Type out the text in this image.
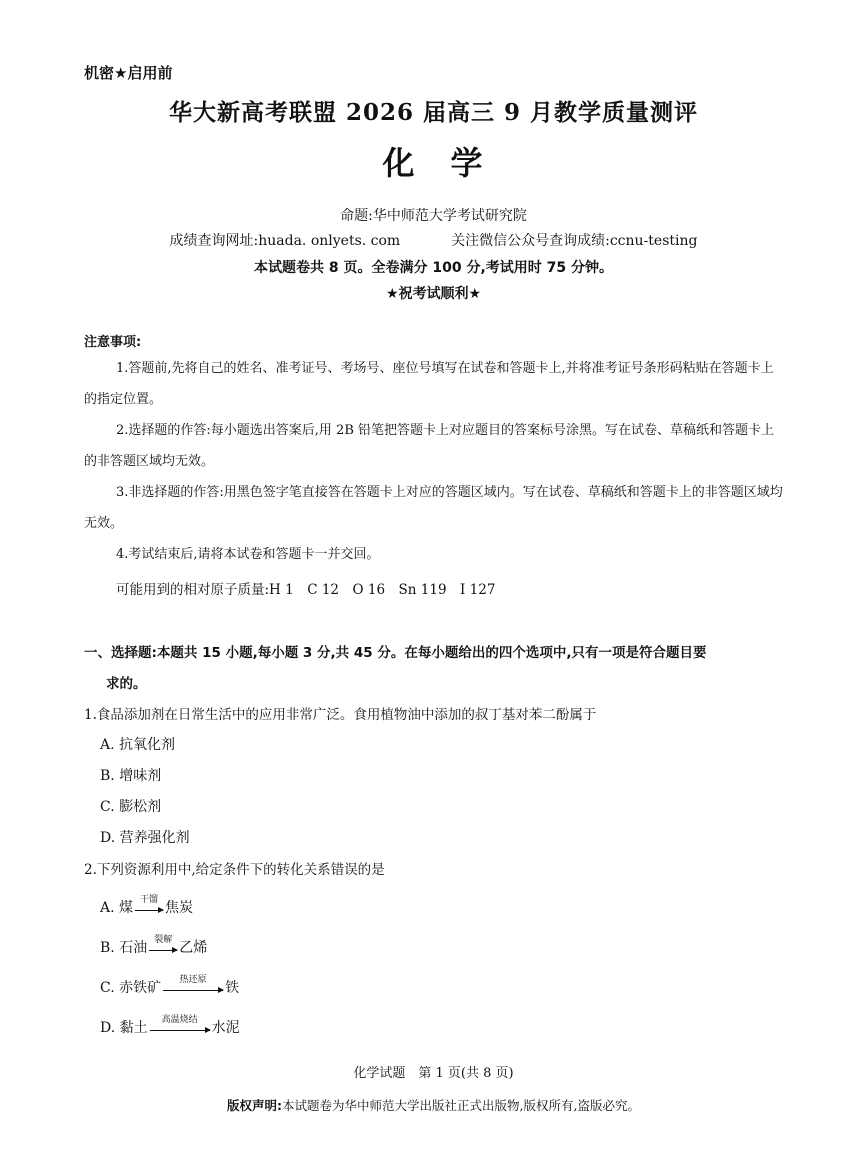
机密★启用前
华大新高考联盟 2026 届高三 9 月教学质量测评
化　学
命题:华中师范大学考试研究院
成绩查询网址:huada. onlyets. com	关注微信公众号查询成绩:ccnu-testing
本试题卷共 8 页。全卷满分 100 分,考试用时 75 分钟。
★祝考试顺利★
注意事项:
1.答题前,先将自己的姓名、准考证号、考场号、座位号填写在试卷和答题卡上,并将准考证号条形码粘贴在答题卡上的指定位置。
2.选择题的作答:每小题选出答案后,用 2B 铅笔把答题卡上对应题目的答案标号涂黑。写在试卷、草稿纸和答题卡上的非答题区域均无效。
3.非选择题的作答:用黑色签字笔直接答在答题卡上对应的答题区域内。写在试卷、草稿纸和答题卡上的非答题区域均无效。
4.考试结束后,请将本试卷和答题卡一并交回。
可能用到的相对原子质量:H 1　C 12　O 16　Sn 119　I 127
一、选择题:本题共 15 小题,每小题 3 分,共 45 分。在每小题给出的四个选项中,只有一项是符合题目要
求的。
1.食品添加剂在日常生活中的应用非常广泛。食用植物油中添加的叔丁基对苯二酚属于
A. 抗氧化剂
B. 增味剂
C. 膨松剂
D. 营养强化剂
2.下列资源利用中,给定条件下的转化关系错误的是
A. 煤
干馏
焦炭
B. 石油
裂解
乙烯
C. 赤铁矿
热还原
铁
D. 黏土
高温烧结
水泥
化学试题　第 1 页(共 8 页)
版权声明:本试题卷为华中师范大学出版社正式出版物,版权所有,盗版必究。
